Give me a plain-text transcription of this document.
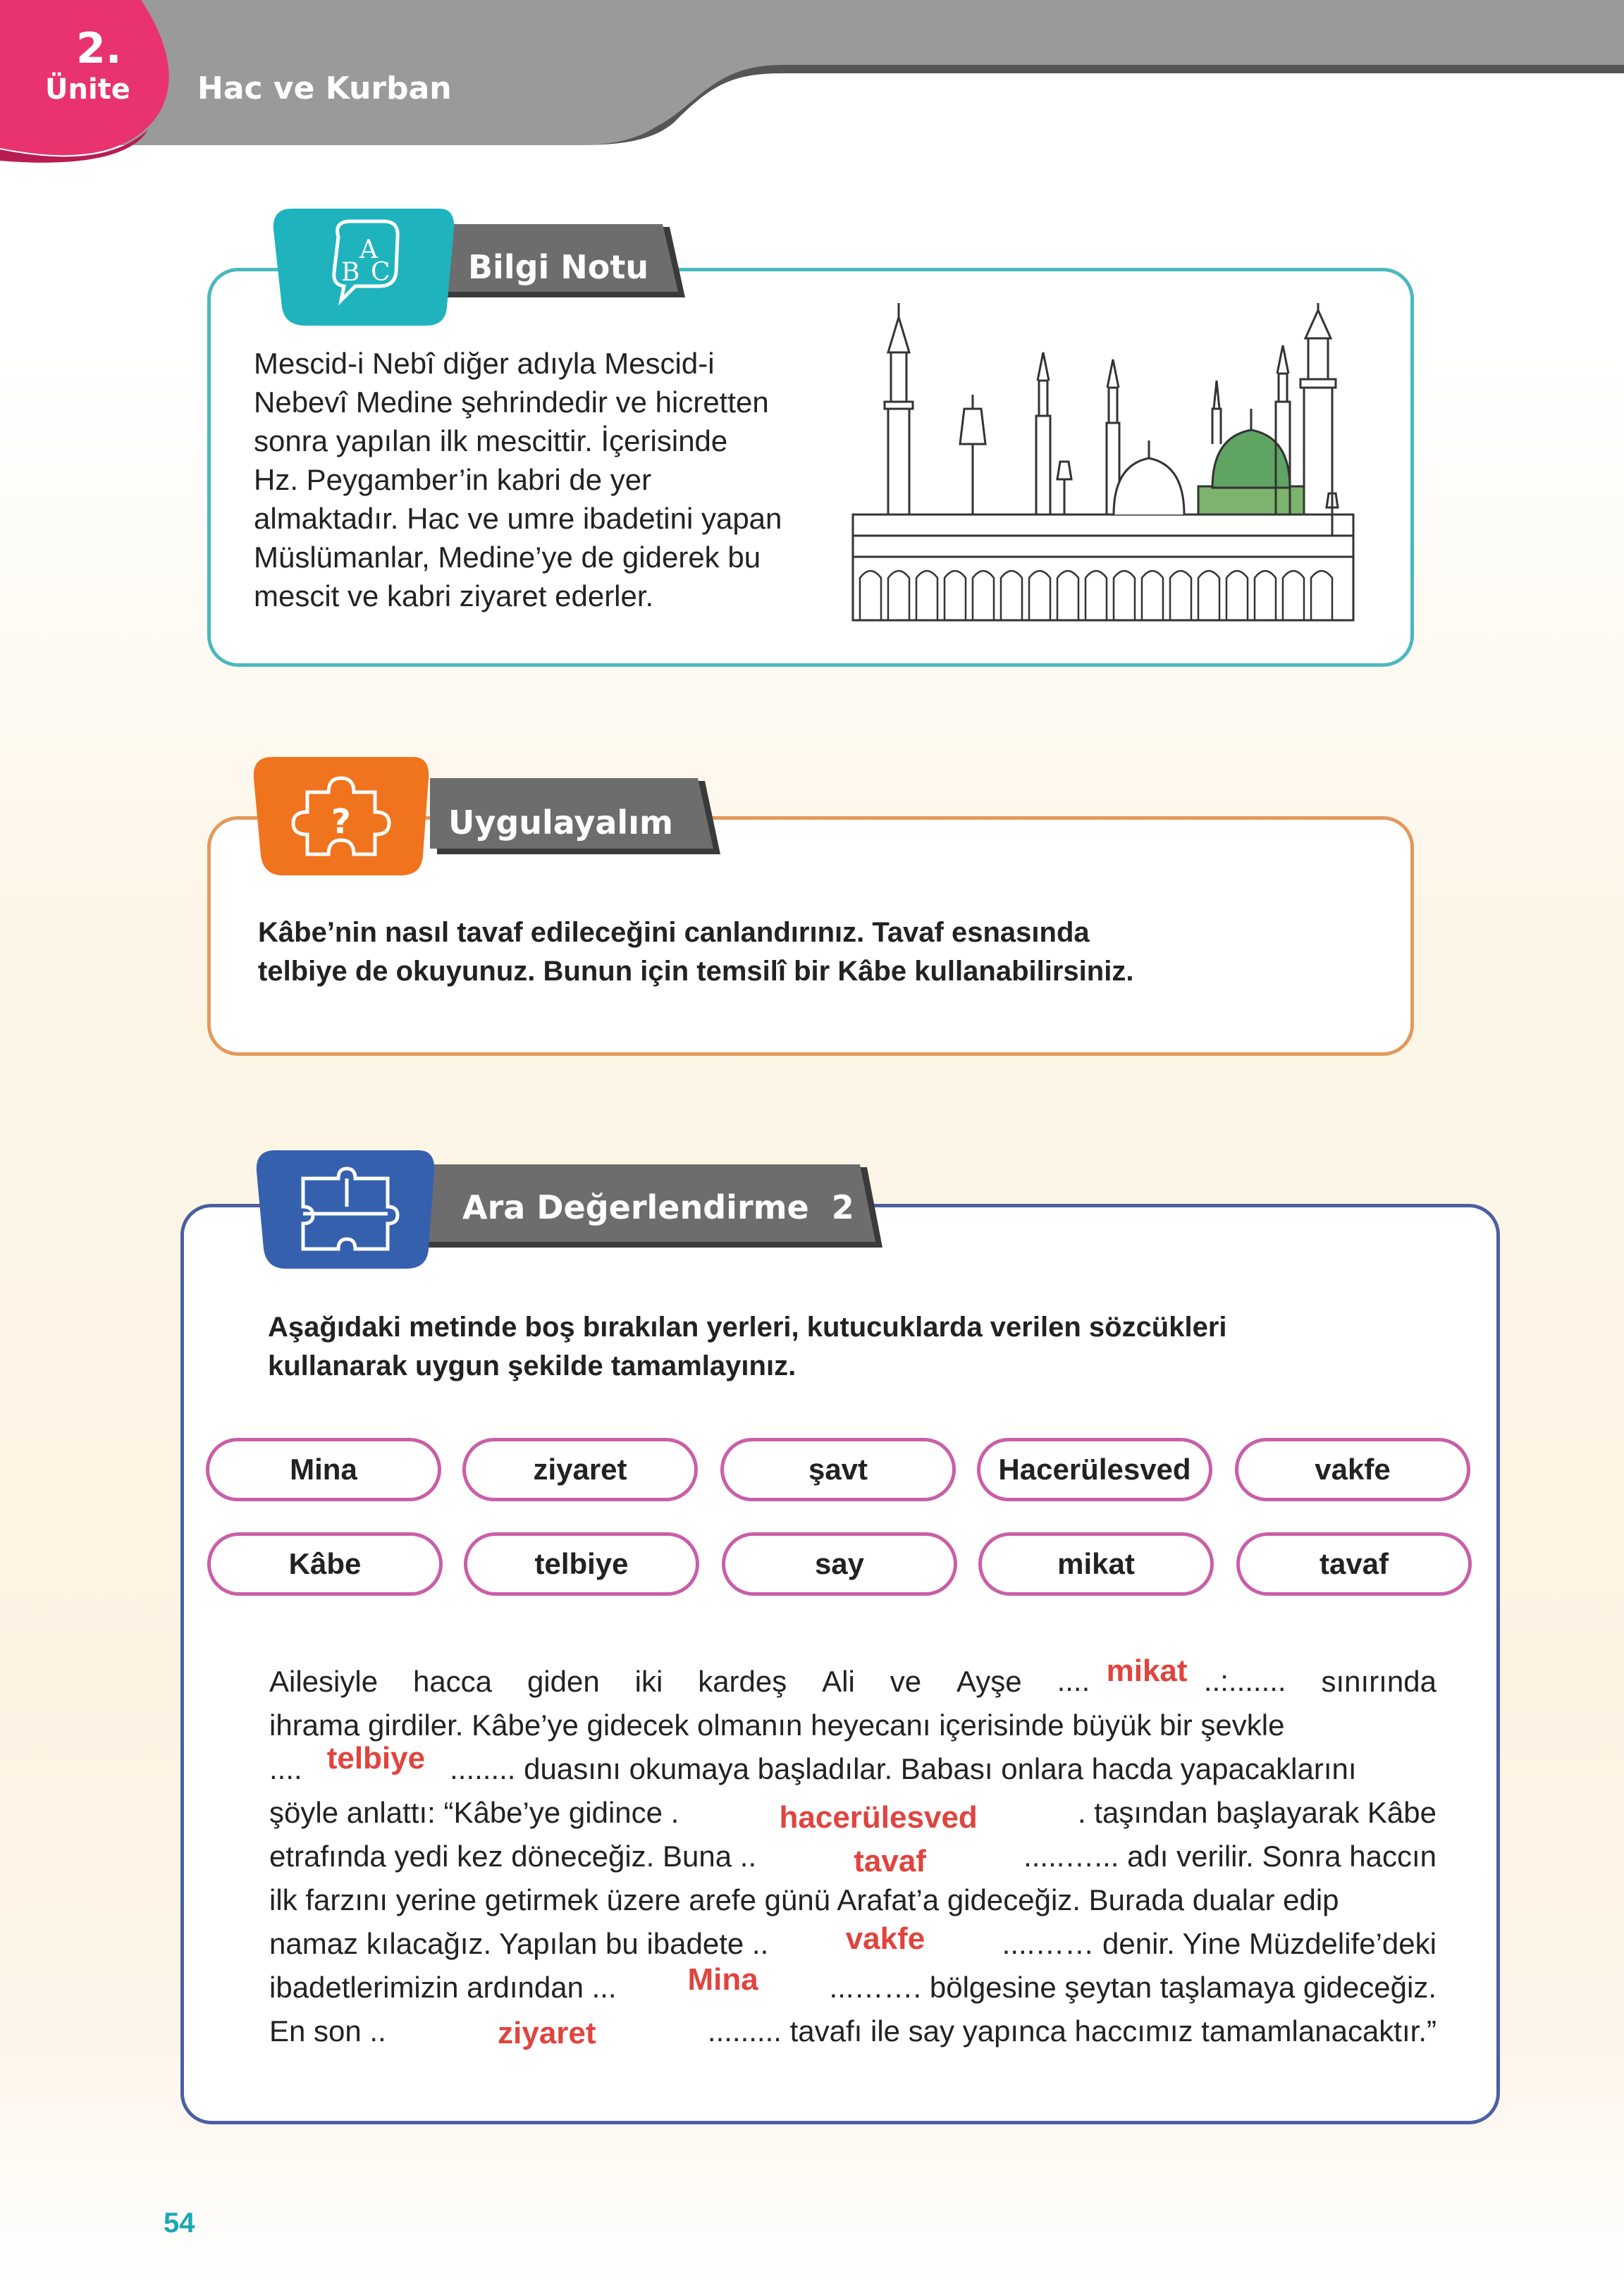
2.
Ünite Hac ve Kurban
Bilgi Notu
A
B C
Mescid-i Nebî diğer adıyla Mescid-i
Nebevî Medine şehrindedir ve hicretten
sonra yapılan ilk mescittir. İçerisinde
Hz. Peygamber’in kabri de yer
almaktadır. Hac ve umre ibadetini yapan
Müslümanlar, Medine’ye de giderek bu
mescit ve kabri ziyaret ederler.
Uygulayalım
?
Kâbe’nin nasıl tavaf edileceğini canlandırınız. Tavaf esnasında
telbiye de okuyunuz. Bunun için temsilî bir Kâbe kullanabilirsiniz.
Ara Değerlendirme 2
Aşağıdaki metinde boş bırakılan yerleri, kutucuklarda verilen sözcükleri
kullanarak uygun şekilde tamamlayınız.
Mina	ziyaret	şavt	Hacerülesved	vakfe
Kâbe	telbiye	say	mikat	tavaf
Ailesiyle hacca giden iki kardeş Ali ve Ayşe .... mikat ..:....... sınırında
ihrama girdiler. Kâbe’ye gidecek olmanın heyecanı içerisinde büyük bir şevkle
....
telbiye
........ duasını okumaya başladılar. Babası onlara hacda yapacaklarını
şöyle anlattı: “Kâbe’ye gidince .	hacerülesved	. taşından başlayarak Kâbe
etrafında yedi kez döneceğiz. Buna ..	tavaf	.....…... adı verilir. Sonra haccın
ilk farzını yerine getirmek üzere arefe günü Arafat’a gideceğiz. Burada dualar edip
namaz kılacağız. Yapılan bu ibadete .. vakfe	....…… denir. Yine Müzdelife’deki
ibadetlerimizin ardından ... Mina ...……. bölgesine şeytan taşlamaya gideceğiz.
En son ..	ziyaret	......... tavafı ile say yapınca haccımız tamamlanacaktır.”
54
